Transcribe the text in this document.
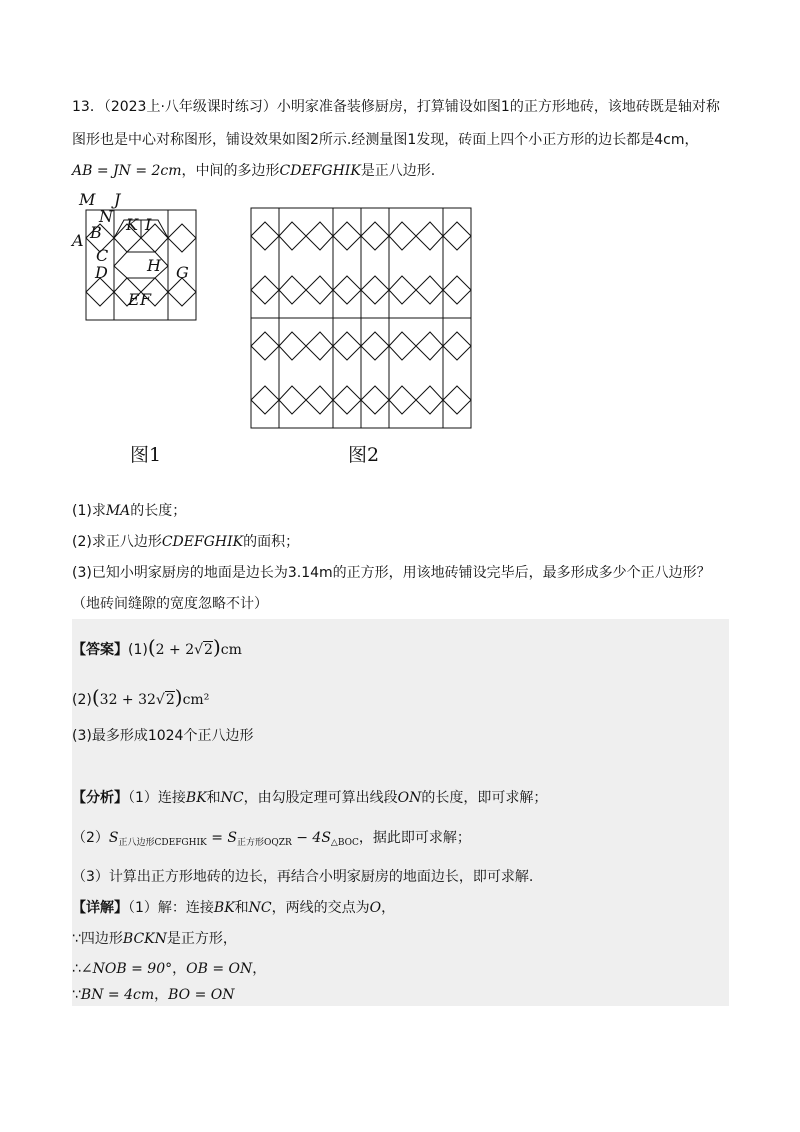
13．（2023上·八年级课时练习）小明家准备装修厨房，打算铺设如图1的正方形地砖，该地砖既是轴对称
图形也是中心对称图形，铺设效果如图2所示.经测量图1发现，砖面上四个小正方形的边长都是4cm，
AB = JN = 2cm，中间的多边形CDEFGHIK是正八边形.
M J
N K I
A B
C
D H G
E F
图1	图2
(1)求MA的长度；
(2)求正八边形CDEFGHIK的面积；
(3)已知小明家厨房的地面是边长为3.14m的正方形，用该地砖铺设完毕后，最多形成多少个正八边形？
（地砖间缝隙的宽度忽略不计）
【答案】(1)(2 + 2√2)cm
(2)(32 + 32√2)cm²
(3)最多形成1024个正八边形
【分析】（1）连接BK和NC，由勾股定理可算出线段ON的长度，即可求解；
$(2)S_{正八边形CDEFGHIK} = S_{正方形OQZR} - 4S_{\triangle BOC}$，据此即可求解；
（3）计算出正方形地砖的边长，再结合小明家厨房的地面边长，即可求解.
【详解】（1）解：连接BK和NC，两线的交点为O，
∵四边形BCKN是正方形，
∴∠NOB = 90°，OB = ON，
∵BN = 4cm，BO = ON
